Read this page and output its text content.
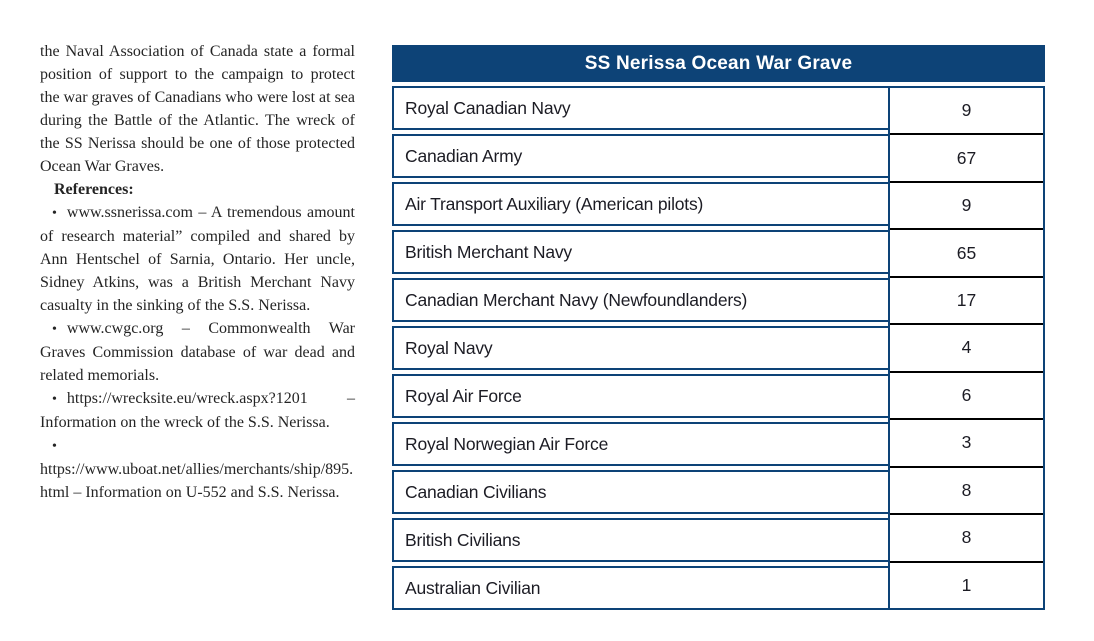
the Naval Association of Canada state a formal position of support to the campaign to protect the war graves of Canadians who were lost at sea during the Battle of the Atlantic. The wreck of the SS Nerissa should be one of those protected Ocean War Graves.

References:

• www.ssnerissa.com – A tremendous amount of research material” compiled and shared by Ann Hentschel of Sarnia, Ontario. Her uncle, Sidney Atkins, was a British Merchant Navy casualty in the sinking of the S.S. Nerissa.
• www.cwgc.org – Commonwealth War Graves Commission database of war dead and related memorials.
• https://wrecksite.eu/wreck.aspx?1201 – Information on the wreck of the S.S. Nerissa.
•https://www.uboat.net/allies/merchants/ship/895.html – Information on U-552 and S.S. Nerissa.
SS Nerissa Ocean War Grave
Royal Canadian Navy
Canadian Army
Air Transport Auxiliary (American pilots)
British Merchant Navy
Canadian Merchant Navy (Newfoundlanders)
Royal Navy
Royal Air Force
Royal Norwegian Air Force
Canadian Civilians
British Civilians
Australian Civilian
9
67
9
65
17
4
6
3
8
8
1
